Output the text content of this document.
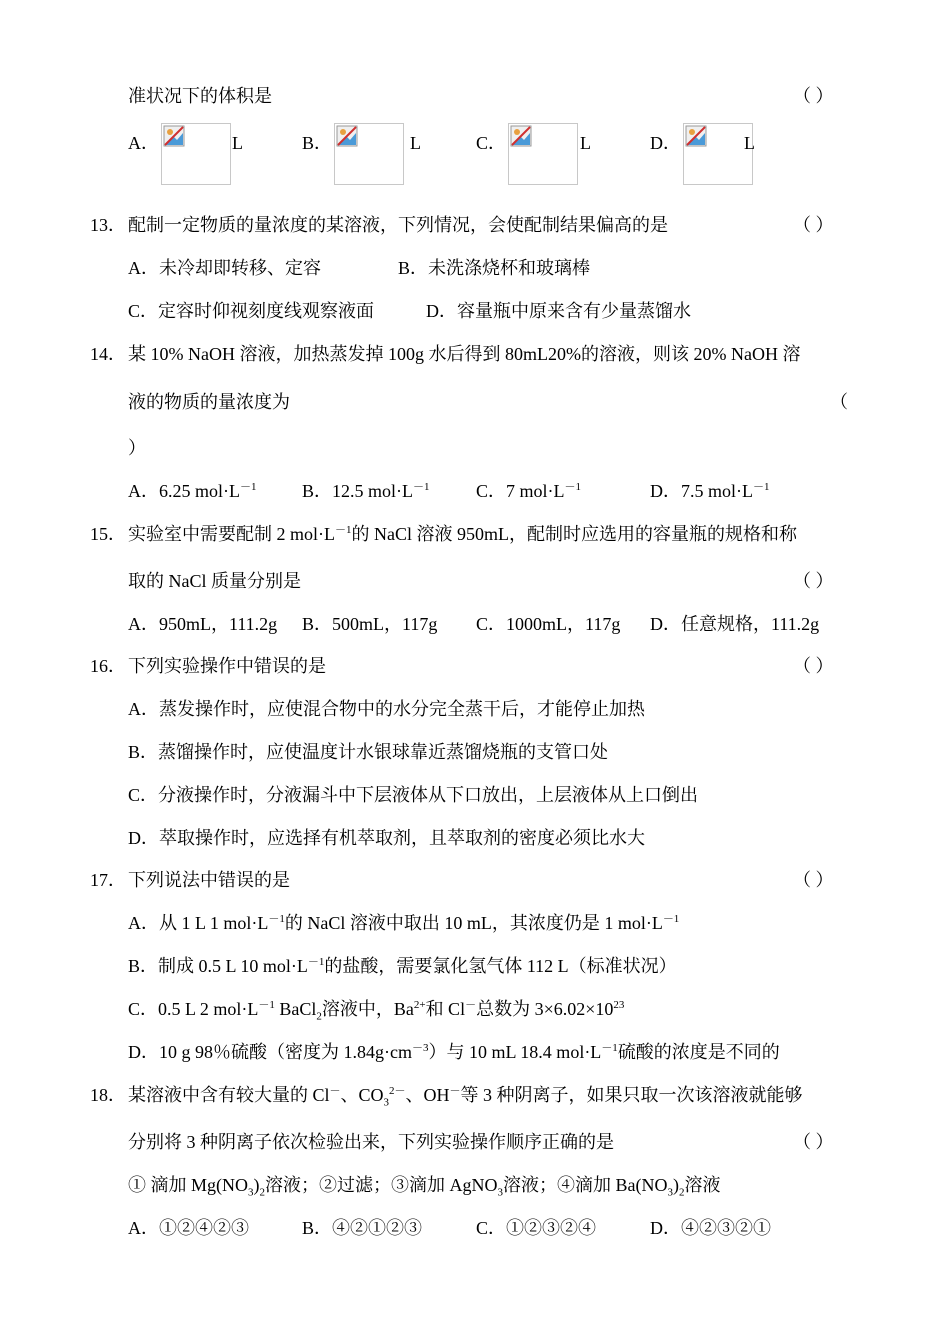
准状况下的体积是	（ ）
A．	L	B．	L	C．	L	D．	L
13． 配制一定物质的量浓度的某溶液，下列情况，会使配制结果偏高的是	（ ）
A．未冷却即转移、定容	B．未洗涤烧杯和玻璃棒
C．定容时仰视刻度线观察液面	D．容量瓶中原来含有少量蒸馏水
14． 某 10% NaOH 溶液，加热蒸发掉 100g 水后得到 80mL20%的溶液，则该 20% NaOH 溶
液的物质的量浓度为	（
）
A．6.25 $mol\cdot L^{-1}$	B．12.5 $mol\cdot L^{-1}$	C．7 $mol\cdot L^{-1}$	D．7.5 $mol\cdot L^{-1}$
15． 实验室中需要配制 2 $mol\cdot L^{-1}$的 NaCl 溶液 950mL，配制时应选用的容量瓶的规格和称
取的 NaCl 质量分别是	（ ）
A．950mL，111.2g B．500mL，117g C．1000mL，117g D．任意规格，111.2g
16． 下列实验操作中错误的是	（ ）
A．蒸发操作时，应使混合物中的水分完全蒸干后，才能停止加热
B．蒸馏操作时，应使温度计水银球靠近蒸馏烧瓶的支管口处
C．分液操作时，分液漏斗中下层液体从下口放出，上层液体从上口倒出
D．萃取操作时，应选择有机萃取剂，且萃取剂的密度必须比水大
17． 下列说法中错误的是	（ ）
A．从 1 L 1 $mol\cdot L^{-1}$的 NaCl 溶液中取出 10 mL，其浓度仍是 1 $mol\cdot L^{-1}$
B．制成 0.5 L 10 $mol\cdot L^{-1}$的盐酸，需要氯化氢气体 112 L（标准状况）
C．0.5 L 2 $mol\cdot L^{-1}$ BaCl$_2$溶液中，$Ba^{2+}$和 Cl－总数为 $3\times 6.02\times 10^{23}$
D．10 g 98％硫酸（密度为 $1.84g\cdot cm^{-3}$）与 10 mL 18.4 $mol\cdot L^{-1}$硫酸的浓度是不同的
18． 某溶液中含有较大量的 Cl－、$CO_3^{2-}$、OH－等 3 种阴离子，如果只取一次该溶液就能够
分别将 3 种阴离子依次检验出来，下列实验操作顺序正确的是	（ ）
① 滴加 $Mg(NO_3)_2$溶液；②过滤；③滴加 AgNO$_3$溶液；④滴加 $Ba(NO_3)_2$溶液
A．①②④②③	B．④②①②③	C．①②③②④	D．④②③②①
